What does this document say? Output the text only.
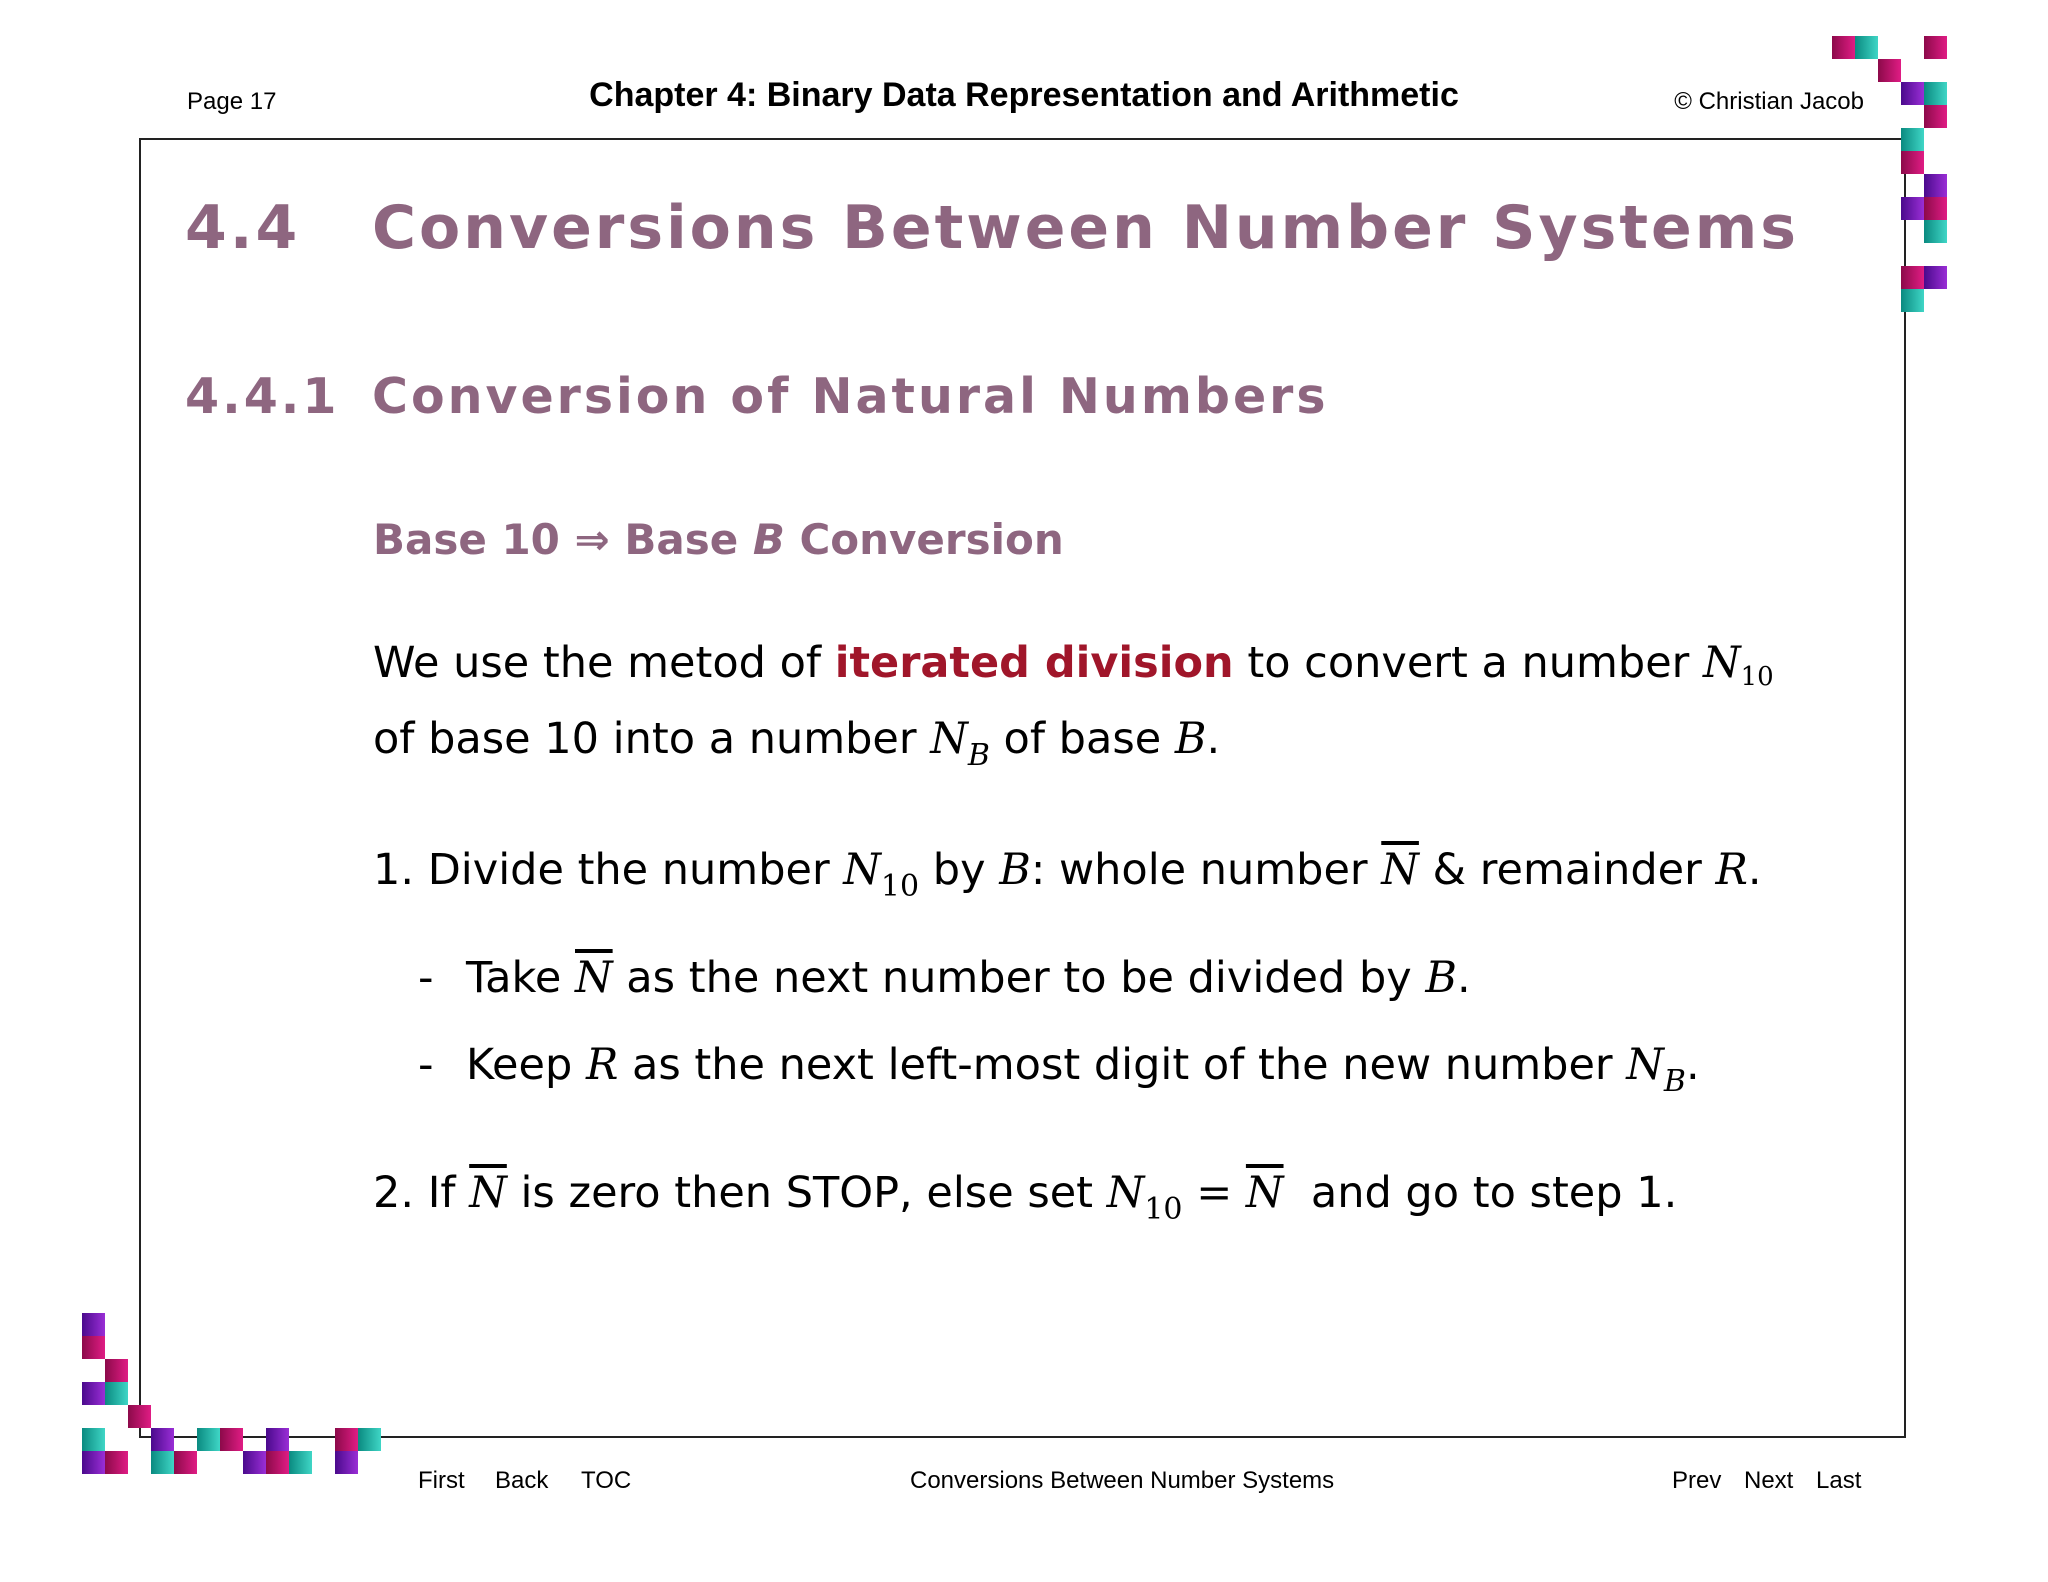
Page 17	Chapter 4: Binary Data Representation and Arithmetic	© Christian Jacob
4.4 Conversions Between Number Systems
4.4.1 Conversion of Natural Numbers
Base 10 ⇒ Base B Conversion
We use the metod of iterated division to convert a number N10 of base 10 into a number $N_B$ of base B.
1. Divide the number $N_{10}$ by B: whole number $\overline{N}$ & remainder R.
- Take $\overline{N}$ as the next number to be divided by B.
- Keep R as the next left-most digit of the new number $N_B$.
2. If $\overline{N}$ is zero then STOP, else set $N_{10} = \overline{N}$  and go to step 1.
First Back TOC	Conversions Between Number Systems	Prev Next Last
